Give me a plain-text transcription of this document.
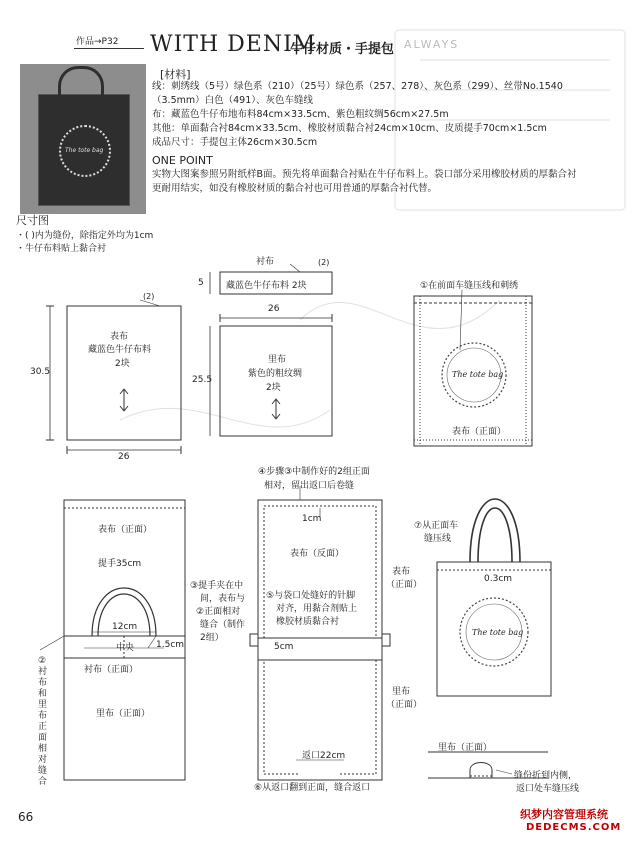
作品→P32 WITH DENIM
牛仔材质・手提包 ALWAYS
The tote bag
[材料]
线：刺绣线（5号）绿色系（210）（25号）绿色系（257、278）、灰色系（299）、丝带No.1540
（3.5mm）白色（491）、灰色车缝线
布：藏蓝色牛仔布地布料84cm×33.5cm、紫色粗纹绸56cm×27.5m
其他：单面黏合衬84cm×33.5cm、橡胶材质黏合衬24cm×10cm、皮质提手70cm×1.5cm
成品尺寸：手提包主体26cm×30.5cm
ONE POINT
实物大图案参照另附纸样B面。预先将单面黏合衬贴在牛仔布料上。袋口部分采用橡胶材质的厚黏合衬
更耐用结实，如没有橡胶材质的黏合衬也可用普通的厚黏合衬代替。
尺寸图
・( )内为缝份，除指定外均为1cm
・牛仔布料贴上黏合衬
(2)
表布
藏蓝色牛仔布料
2块
30.5
26
衬布	(2)
藏蓝色牛仔布料 2块
5
26
里布
紫色的粗纹绸
2块
25.5
①在前面车缝压线和刺绣
The tote bag
表布（正面）
表布（正面）
提手35cm
12cm
中央 1.5cm
衬布（正面）
里布（正面）
②衬布和里布正面相对缝合
③提手夹在中
间，表布与
②正面相对
缝合（制作
2组）
④步骤③中制作好的2组正面
相对，留出返口后卷缝
1cm
表布（反面）
表布
（正面）
⑤与袋口处缝好的针脚
对齐，用黏合剂贴上
橡胶材质黏合衬
5cm
里布
（正面）
返口22cm
⑥从返口翻到正面，缝合返口
⑦从正面车
缝压线
0.3cm
The tote bag
里布（正面）
缝份折到内侧，
返口处车缝压线
66	织梦内容管理系统
DEDECMS.COM
